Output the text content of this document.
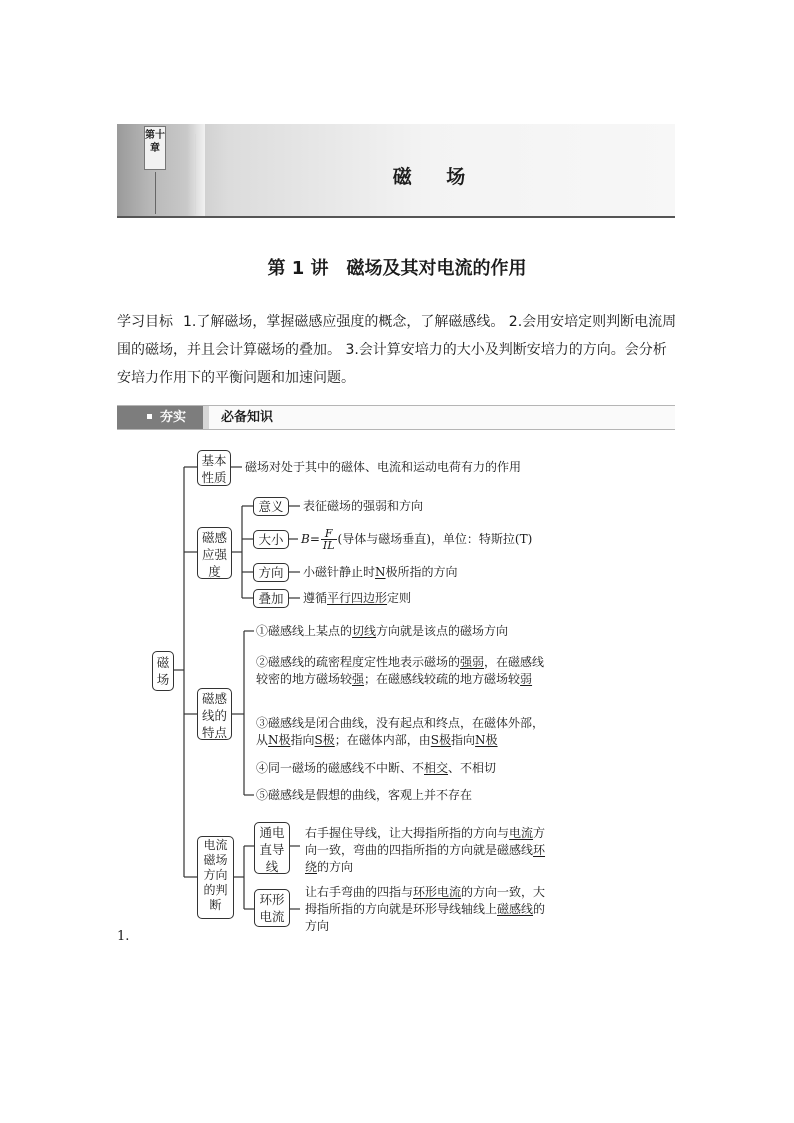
第十章
磁 场
第 1 讲　磁场及其对电流的作用
学习目标 1.了解磁场，掌握磁感应强度的概念，了解磁感线。 2.会用安培定则判断电流周围的磁场，并且会计算磁场的叠加。 3.会计算安培力的大小及判断安培力的方向。会分析安培力作用下的平衡问题和加速问题。
夯实	必备知识
磁场
基本性质
磁场对处于其中的磁体、电流和运动电荷有力的作用
磁感应强度
意义	表征磁场的强弱和方向
大小	$B= \frac{F}{IL}$ (导体与磁场垂直)，单位：特斯拉(T)
方向	小磁针静止时N极所指的方向
叠加	遵循平行四边形定则
磁感线的特点
①磁感线上某点的切线方向就是该点的磁场方向
②磁感线的疏密程度定性地表示磁场的强弱，在磁感线较密的地方磁场较强；在磁感线较疏的地方磁场较弱
③磁感线是闭合曲线，没有起点和终点，在磁体外部，从N极指向S极；在磁体内部，由S极指向N极
④同一磁场的磁感线不中断、不相交、不相切
⑤磁感线是假想的曲线，客观上并不存在
电流磁场方向的判断
通电直导线
右手握住导线，让大拇指所指的方向与电流方向一致，弯曲的四指所指的方向就是磁感线环绕的方向
环形电流
让右手弯曲的四指与环形电流的方向一致，大拇指所指的方向就是环形导线轴线上磁感线的方向
1.
